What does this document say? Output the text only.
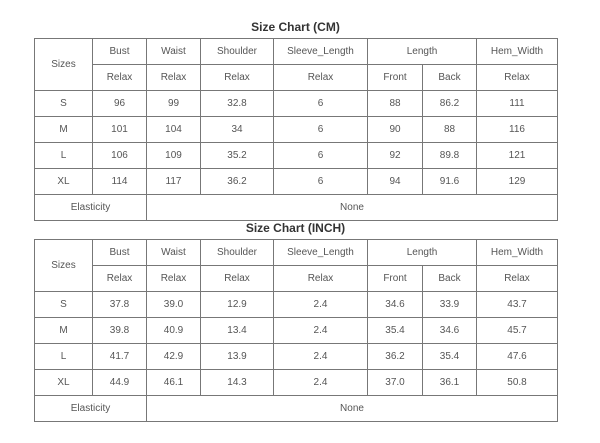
Size Chart (CM)
Sizes	Bust	Waist	Shoulder	Sleeve_Length	Length		Hem_Width
	Relax	Relax	Relax	Relax	Front	Back	Relax
S	96	99	32.8	6	88	86.2	111
M	101	104	34	6	90	88	116
L	106	109	35.2	6	92	89.8	121
XL	114	117	36.2	6	94	91.6	129
Elasticity		None					
Size Chart (INCH)
Sizes	Bust	Waist	Shoulder	Sleeve_Length	Length		Hem_Width
	Relax	Relax	Relax	Relax	Front	Back	Relax
S	37.8	39.0	12.9	2.4	34.6	33.9	43.7
M	39.8	40.9	13.4	2.4	35.4	34.6	45.7
L	41.7	42.9	13.9	2.4	36.2	35.4	47.6
XL	44.9	46.1	14.3	2.4	37.0	36.1	50.8
Elasticity		None					
